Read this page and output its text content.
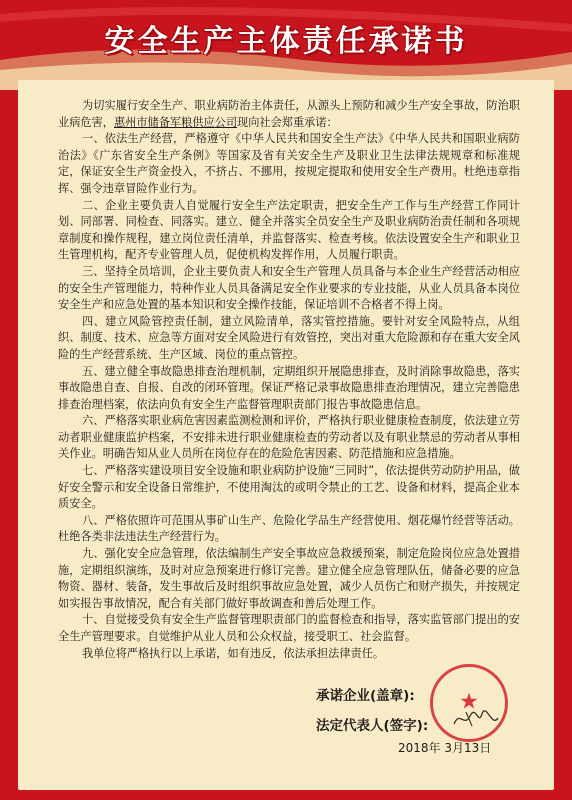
安全生产主体责任承诺书

为切实履行安全生产、职业病防治主体责任，从源头上预防和减少生产安全事故，防治职业病危害，惠州市储备军粮供应公司现向社会郑重承诺：

一、依法生产经营，严格遵守《中华人民共和国安全生产法》《中华人民共和国职业病防治法》《广东省安全生产条例》等国家及省有关安全生产及职业卫生法律法规规章和标准规定，保证安全生产资金投入，不挤占、不挪用，按规定提取和使用安全生产费用。杜绝违章指挥、强令违章冒险作业行为。

二、企业主要负责人自觉履行安全生产法定职责，把安全生产工作与生产经营工作同计划、同部署、同检查、同落实。建立、健全并落实全员安全生产及职业病防治责任制和各项规章制度和操作规程，建立岗位责任清单，并监督落实、检查考核。依法设置安全生产和职业卫生管理机构，配齐专业管理人员，促使机构发挥作用，人员履行职责。

三、坚持全员培训，企业主要负责人和安全生产管理人员具备与本企业生产经营活动相应的安全生产管理能力，特种作业人员具备满足安全作业要求的专业技能，从业人员具备本岗位安全生产和应急处置的基本知识和安全操作技能，保证培训不合格者不得上岗。

四、建立风险管控责任制，建立风险清单，落实管控措施。要针对安全风险特点，从组织、制度、技术、应急等方面对安全风险进行有效管控，突出对重大危险源和存在重大安全风险的生产经营系统、生产区域、岗位的重点管控。

五、建立健全事故隐患排查治理机制，定期组织开展隐患排查，及时消除事故隐患，落实事故隐患自查、自报、自改的闭环管理。保证严格记录事故隐患排查治理情况，建立完善隐患排查治理档案，依法向负有安全生产监督管理职责部门报告事故隐患信息。

六、严格落实职业病危害因素监测检测和评价，严格执行职业健康检查制度，依法建立劳动者职业健康监护档案，不安排未进行职业健康检查的劳动者以及有职业禁忌的劳动者从事相关作业。明确告知从业人员所在岗位存在的危险危害因素、防范措施和应急措施。

七、严格落实建设项目安全设施和职业病防护设施“三同时”，依法提供劳动防护用品，做好安全警示和安全设备日常维护，不使用淘汰的或明令禁止的工艺、设备和材料，提高企业本质安全。

八、严格依照许可范围从事矿山生产、危险化学品生产经营使用、烟花爆竹经营等活动。杜绝各类非法违法生产经营行为。

九、强化安全应急管理，依法编制生产安全事故应急救援预案，制定危险岗位应急处置措施，定期组织演练，及时对应急预案进行修订完善。建立健全应急管理队伍，储备必要的应急物资、器材、装备，发生事故后及时组织事故应急处置，减少人员伤亡和财产损失，并按规定如实报告事故情况，配合有关部门做好事故调查和善后处理工作。

十、自觉接受负有安全生产监督管理职责部门的监督检查和指导，落实监管部门提出的安全生产管理要求。自觉维护从业人员和公众权益，接受职工、社会监督。

我单位将严格执行以上承诺，如有违反，依法承担法律责任。

承诺企业(盖章):
法定代表人(签字):
2018年 3月13日
★
